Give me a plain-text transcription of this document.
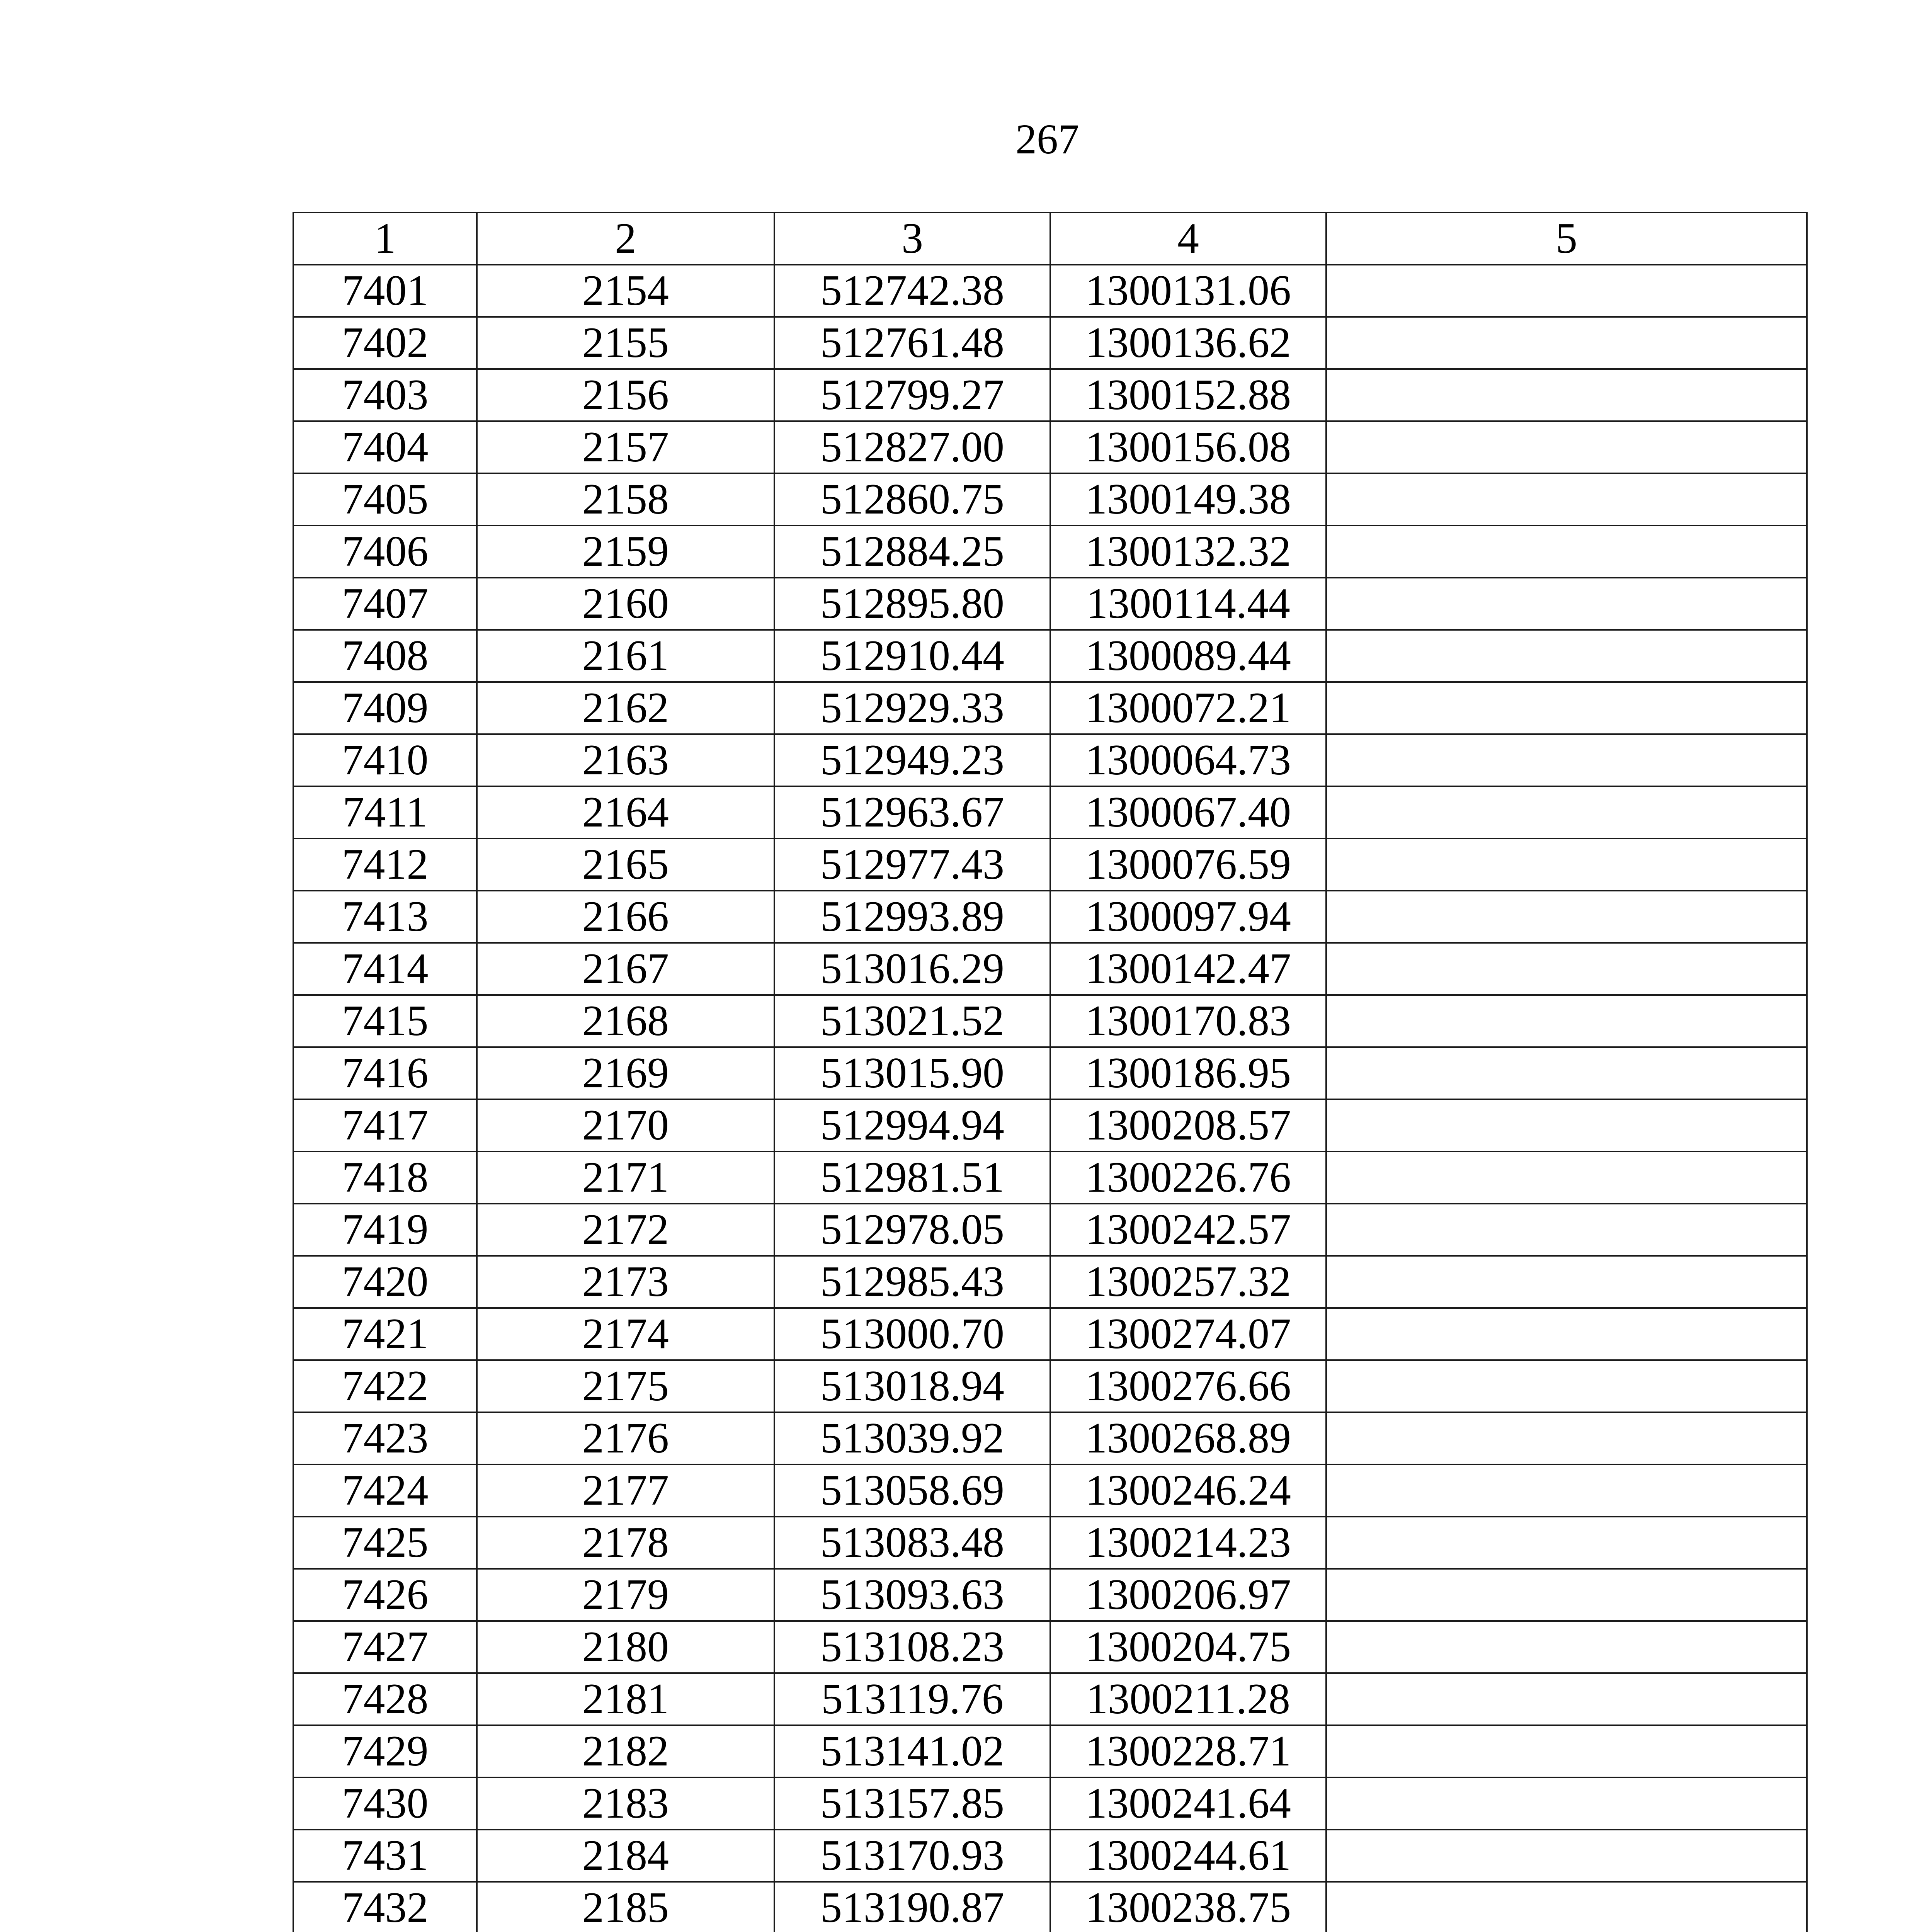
267
1	2	3	4	5
7401	2154	512742.38	1300131.06	
7402	2155	512761.48	1300136.62	
7403	2156	512799.27	1300152.88	
7404	2157	512827.00	1300156.08	
7405	2158	512860.75	1300149.38	
7406	2159	512884.25	1300132.32	
7407	2160	512895.80	1300114.44	
7408	2161	512910.44	1300089.44	
7409	2162	512929.33	1300072.21	
7410	2163	512949.23	1300064.73	
7411	2164	512963.67	1300067.40	
7412	2165	512977.43	1300076.59	
7413	2166	512993.89	1300097.94	
7414	2167	513016.29	1300142.47	
7415	2168	513021.52	1300170.83	
7416	2169	513015.90	1300186.95	
7417	2170	512994.94	1300208.57	
7418	2171	512981.51	1300226.76	
7419	2172	512978.05	1300242.57	
7420	2173	512985.43	1300257.32	
7421	2174	513000.70	1300274.07	
7422	2175	513018.94	1300276.66	
7423	2176	513039.92	1300268.89	
7424	2177	513058.69	1300246.24	
7425	2178	513083.48	1300214.23	
7426	2179	513093.63	1300206.97	
7427	2180	513108.23	1300204.75	
7428	2181	513119.76	1300211.28	
7429	2182	513141.02	1300228.71	
7430	2183	513157.85	1300241.64	
7431	2184	513170.93	1300244.61	
7432	2185	513190.87	1300238.75	
